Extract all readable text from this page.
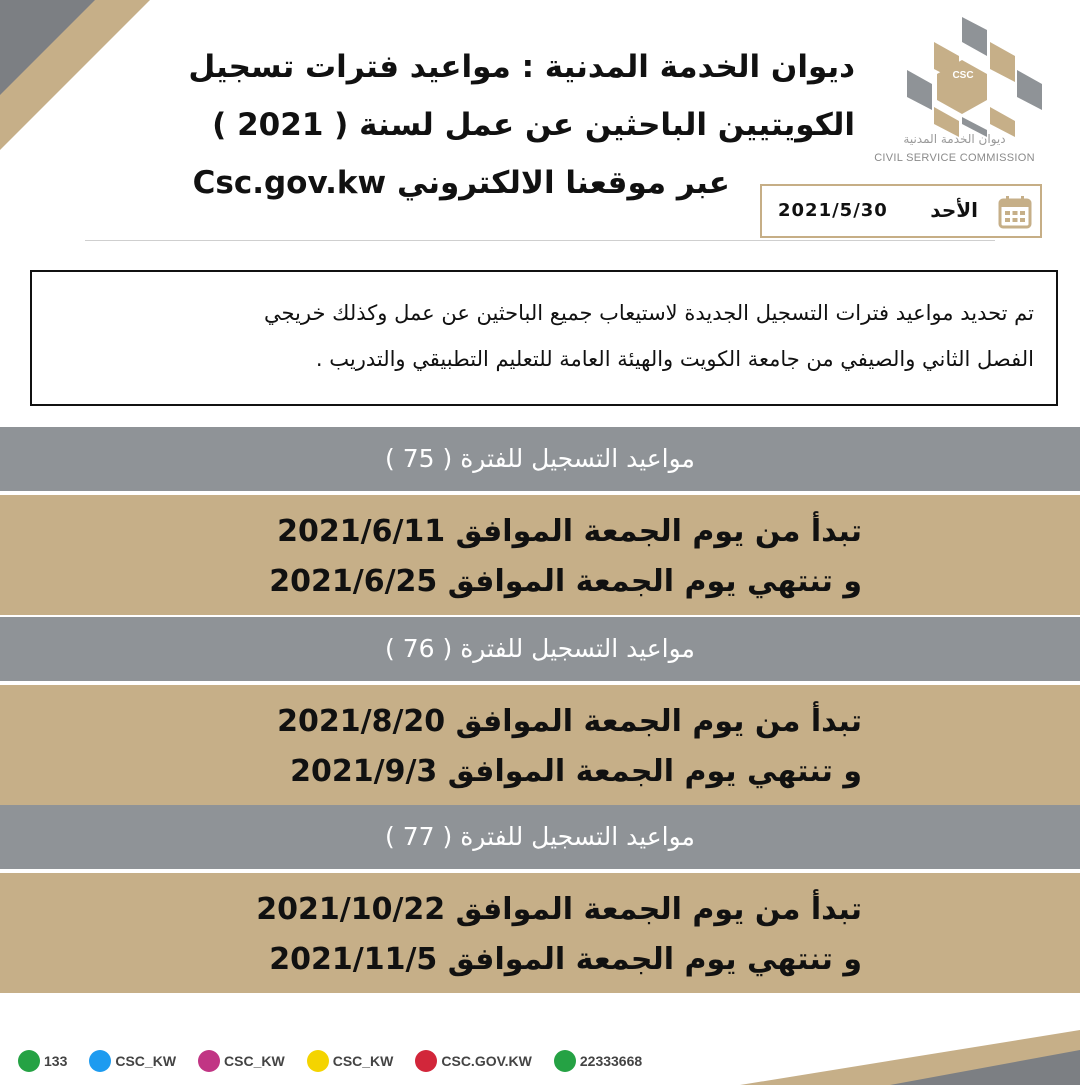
CSC
ديوان الخدمة المدنية
CIVIL SERVICE COMMISSION
ديوان الخدمة المدنية : مواعيد فترات تسجيل
الكويتيين الباحثين عن عمل لسنة ( 2021 )
عبر موقعنا الالكتروني Csc.gov.kw
الأحد
2021/5/30
تم تحديد مواعيد فترات التسجيل الجديدة لاستيعاب جميع الباحثين عن عمل وكذلك خريجي
الفصل الثاني والصيفي من جامعة الكويت والهيئة العامة للتعليم التطبيقي والتدريب .
مواعيد التسجيل للفترة ( 75 )
تبدأ من يوم الجمعة الموافق 2021/6/11
و تنتهي يوم الجمعة الموافق 2021/6/25
مواعيد التسجيل للفترة ( 76 )
تبدأ من يوم الجمعة الموافق 2021/8/20
و تنتهي يوم الجمعة الموافق 2021/9/3
مواعيد التسجيل للفترة ( 77 )
تبدأ من يوم الجمعة الموافق 2021/10/22
و تنتهي يوم الجمعة الموافق 2021/11/5
133	CSC_KW	CSC_KW	CSC_KW	CSC.GOV.KW	22333668
